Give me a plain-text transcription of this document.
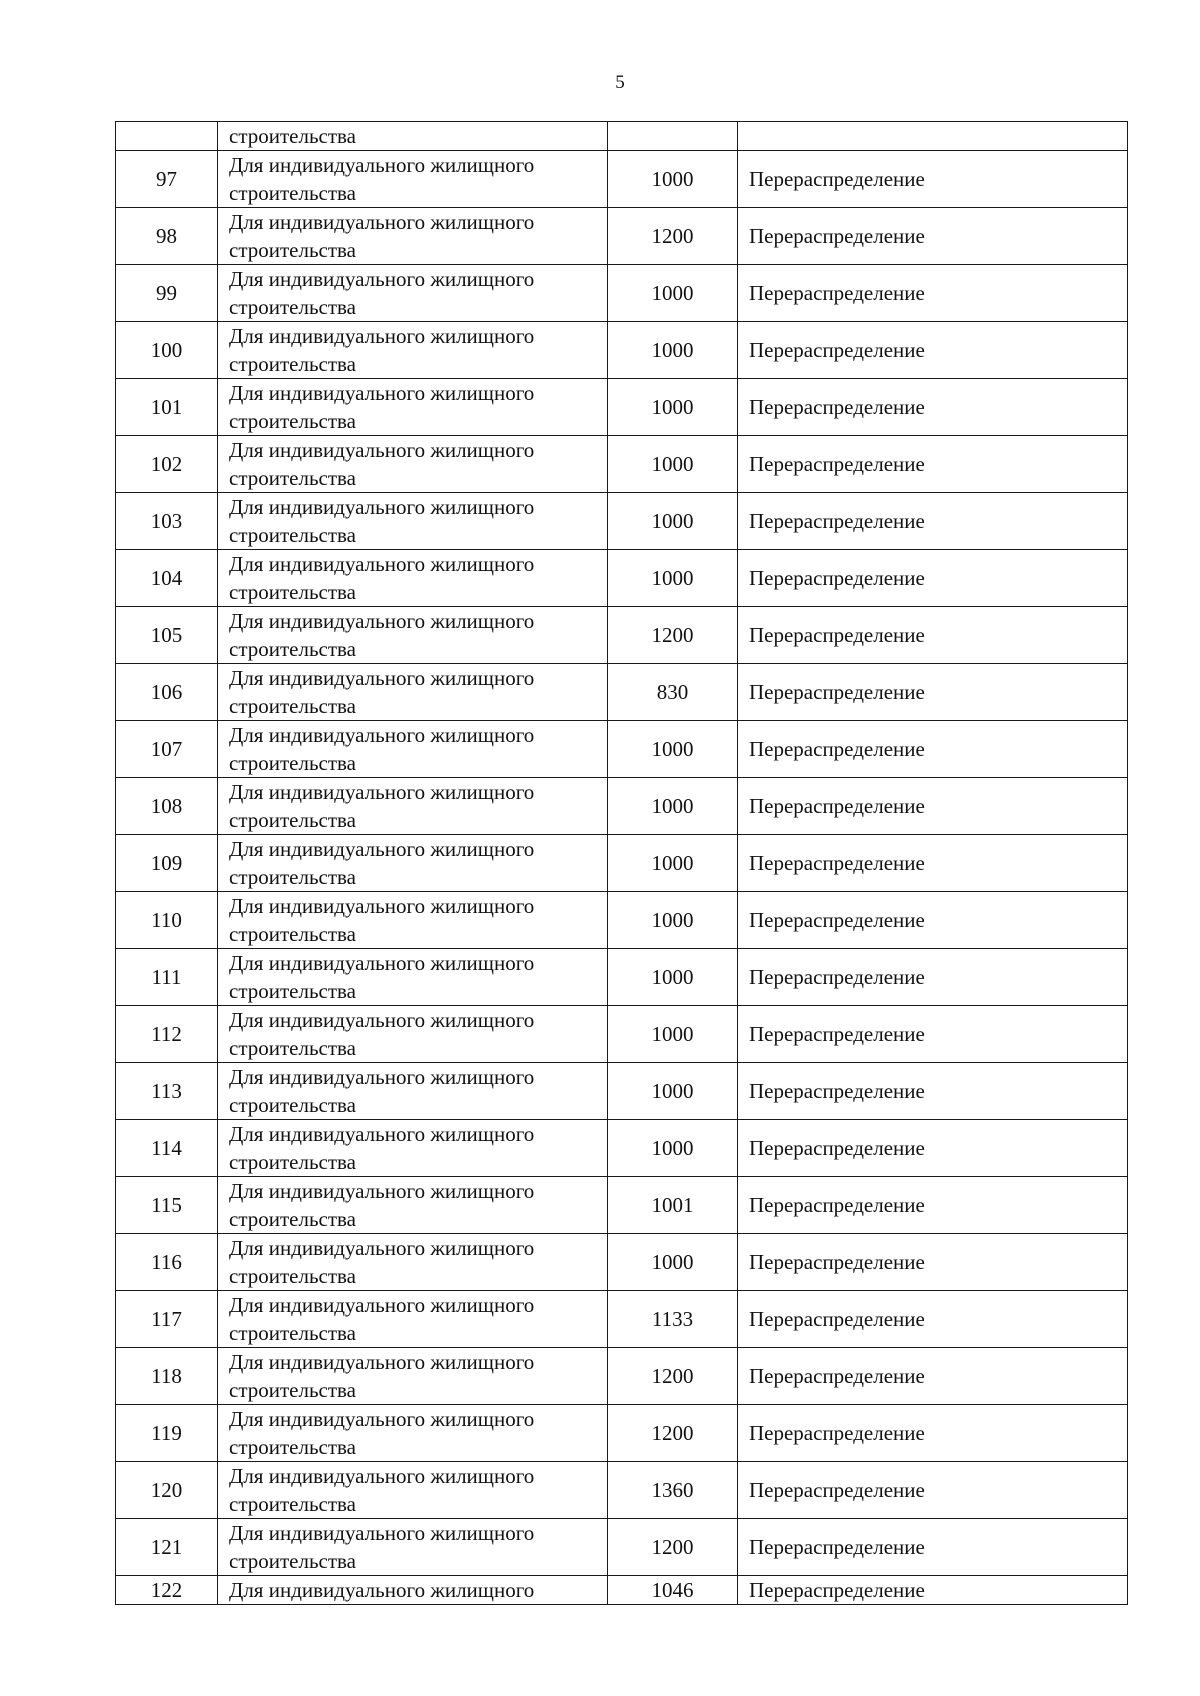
5

	строительства		

97	Для индивидуального жилищного
строительства	1000	Перераспределение
98	Для индивидуального жилищного
строительства	1200	Перераспределение
99	Для индивидуального жилищного
строительства	1000	Перераспределение
100	Для индивидуального жилищного
строительства	1000	Перераспределение
101	Для индивидуального жилищного
строительства	1000	Перераспределение
102	Для индивидуального жилищного
строительства	1000	Перераспределение
103	Для индивидуального жилищного
строительства	1000	Перераспределение
104	Для индивидуального жилищного
строительства	1000	Перераспределение
105	Для индивидуального жилищного
строительства	1200	Перераспределение
106	Для индивидуального жилищного
строительства	830	Перераспределение
107	Для индивидуального жилищного
строительства	1000	Перераспределение
108	Для индивидуального жилищного
строительства	1000	Перераспределение
109	Для индивидуального жилищного
строительства	1000	Перераспределение
110	Для индивидуального жилищного
строительства	1000	Перераспределение
111	Для индивидуального жилищного
строительства	1000	Перераспределение
112	Для индивидуального жилищного
строительства	1000	Перераспределение
113	Для индивидуального жилищного
строительства	1000	Перераспределение
114	Для индивидуального жилищного
строительства	1000	Перераспределение
115	Для индивидуального жилищного
строительства	1001	Перераспределение
116	Для индивидуального жилищного
строительства	1000	Перераспределение
117	Для индивидуального жилищного
строительства	1133	Перераспределение
118	Для индивидуального жилищного
строительства	1200	Перераспределение
119	Для индивидуального жилищного
строительства	1200	Перераспределение
120	Для индивидуального жилищного
строительства	1360	Перераспределение
121	Для индивидуального жилищного
строительства	1200	Перераспределение
122	Для индивидуального жилищного	1046	Перераспределение
